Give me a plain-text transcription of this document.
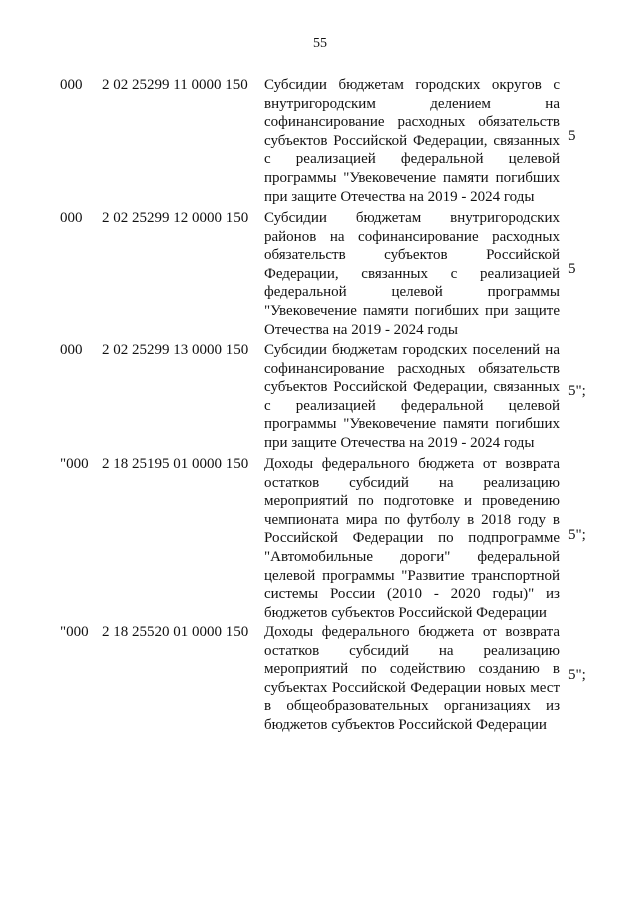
55
000 2 02 25299 11 0000 150 Субсидии бюджетам городских округов с
внутригородским делением на
софинансирование расходных обязательств
субъектов Российской Федерации, связанных
с реализацией федеральной целевой
программы "Увековечение памяти погибших
при защите Отечества на 2019 - 2024 годы
5
000 2 02 25299 12 0000 150 Субсидии бюджетам внутригородских
районов на софинансирование расходных
обязательств субъектов Российской
Федерации, связанных с реализацией
федеральной целевой программы
"Увековечение памяти погибших при защите
Отечества на 2019 - 2024 годы
5
000 2 02 25299 13 0000 150 Субсидии бюджетам городских поселений на
софинансирование расходных обязательств
субъектов Российской Федерации, связанных
с реализацией федеральной целевой
программы "Увековечение памяти погибших
при защите Отечества на 2019 - 2024 годы
5";
"000 2 18 25195 01 0000 150 Доходы федерального бюджета от возврата
остатков субсидий на реализацию
мероприятий по подготовке и проведению
чемпионата мира по футболу в 2018 году в
Российской Федерации по подпрограмме
"Автомобильные дороги" федеральной
целевой программы "Развитие транспортной
системы России (2010 - 2020 годы)" из
бюджетов субъектов Российской Федерации
5";
"000 2 18 25520 01 0000 150 Доходы федерального бюджета от возврата
остатков субсидий на реализацию
мероприятий по содействию созданию в
субъектах Российской Федерации новых мест
в общеобразовательных организациях из
бюджетов субъектов Российской Федерации
5";
